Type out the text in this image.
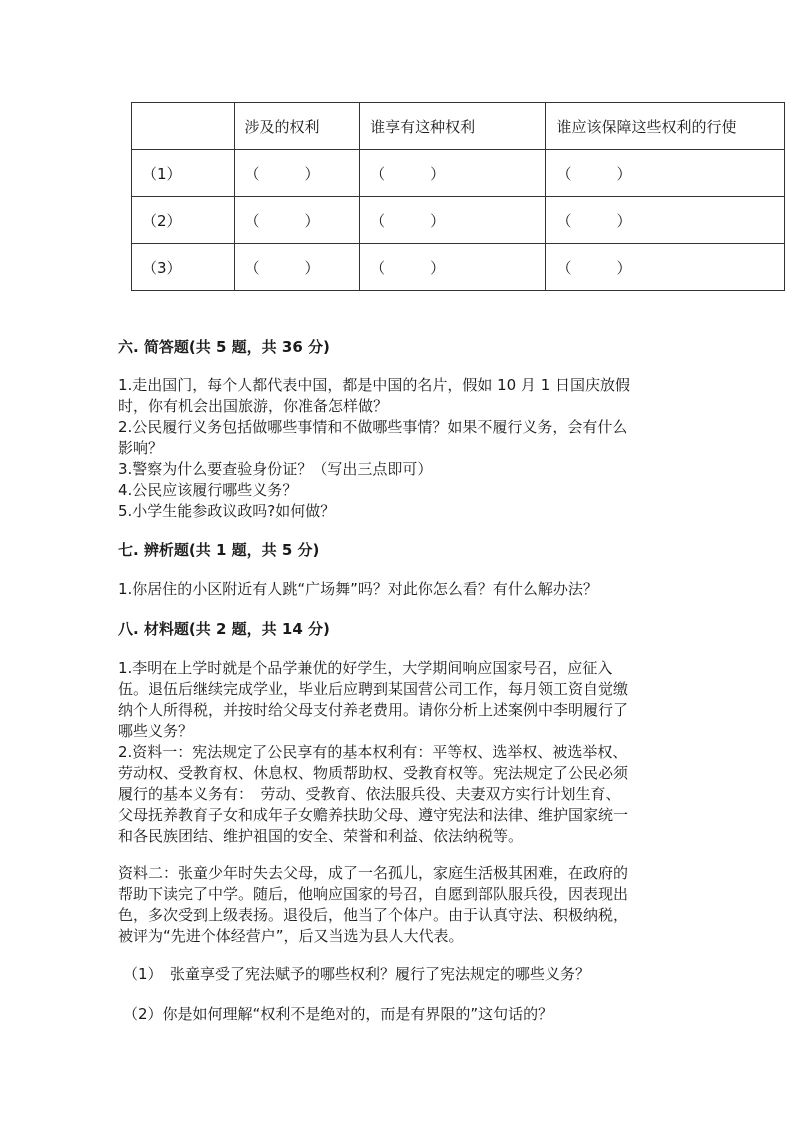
	涉及的权利	谁享有这种权利	谁应该保障这些权利的行使
（1）	（　　　）	（　　　）	（　　　）
（2）	（　　　）	（　　　）	（　　　）
（3）	（　　　）	（　　　）	（　　　）
六. 简答题(共 5 题，共 36 分)
1.走出国门，每个人都代表中国，都是中国的名片，假如 10 月 1 日国庆放假
时，你有机会出国旅游，你准备怎样做？
2.公民履行义务包括做哪些事情和不做哪些事情？如果不履行义务，会有什么
影响？
3.警察为什么要查验身份证？（写出三点即可）
4.公民应该履行哪些义务？
5.小学生能参政议政吗?如何做？
七. 辨析题(共 1 题，共 5 分)
1.你居住的小区附近有人跳“广场舞”吗？对此你怎么看？有什么解办法？
八. 材料题(共 2 题，共 14 分)
1.李明在上学时就是个品学兼优的好学生，大学期间响应国家号召，应征入
伍。退伍后继续完成学业，毕业后应聘到某国营公司工作，每月领工资自觉缴
纳个人所得税，并按时给父母支付养老费用。请你分析上述案例中李明履行了
哪些义务？
2.资料一：宪法规定了公民享有的基本权利有：平等权、选举权、被选举权、
劳动权、受教育权、休息权、物质帮助权、受教育权等。宪法规定了公民必须
履行的基本义务有：　劳动、受教育、依法服兵役、夫妻双方实行计划生育、
父母抚养教育子女和成年子女赡养扶助父母、遵守宪法和法律、维护国家统一
和各民族团结、维护祖国的安全、荣誉和利益、依法纳税等。
资料二：张童少年时失去父母，成了一名孤儿，家庭生活极其困难，在政府的
帮助下读完了中学。随后，他响应国家的号召，自愿到部队服兵役，因表现出
色，多次受到上级表扬。退役后，他当了个体户。由于认真守法、积极纳税，
被评为“先进个体经营户”，后又当选为县人大代表。
（1）　张童享受了宪法赋予的哪些权利？履行了宪法规定的哪些义务？
（2）你是如何理解“权利不是绝对的，而是有界限的”这句话的？
